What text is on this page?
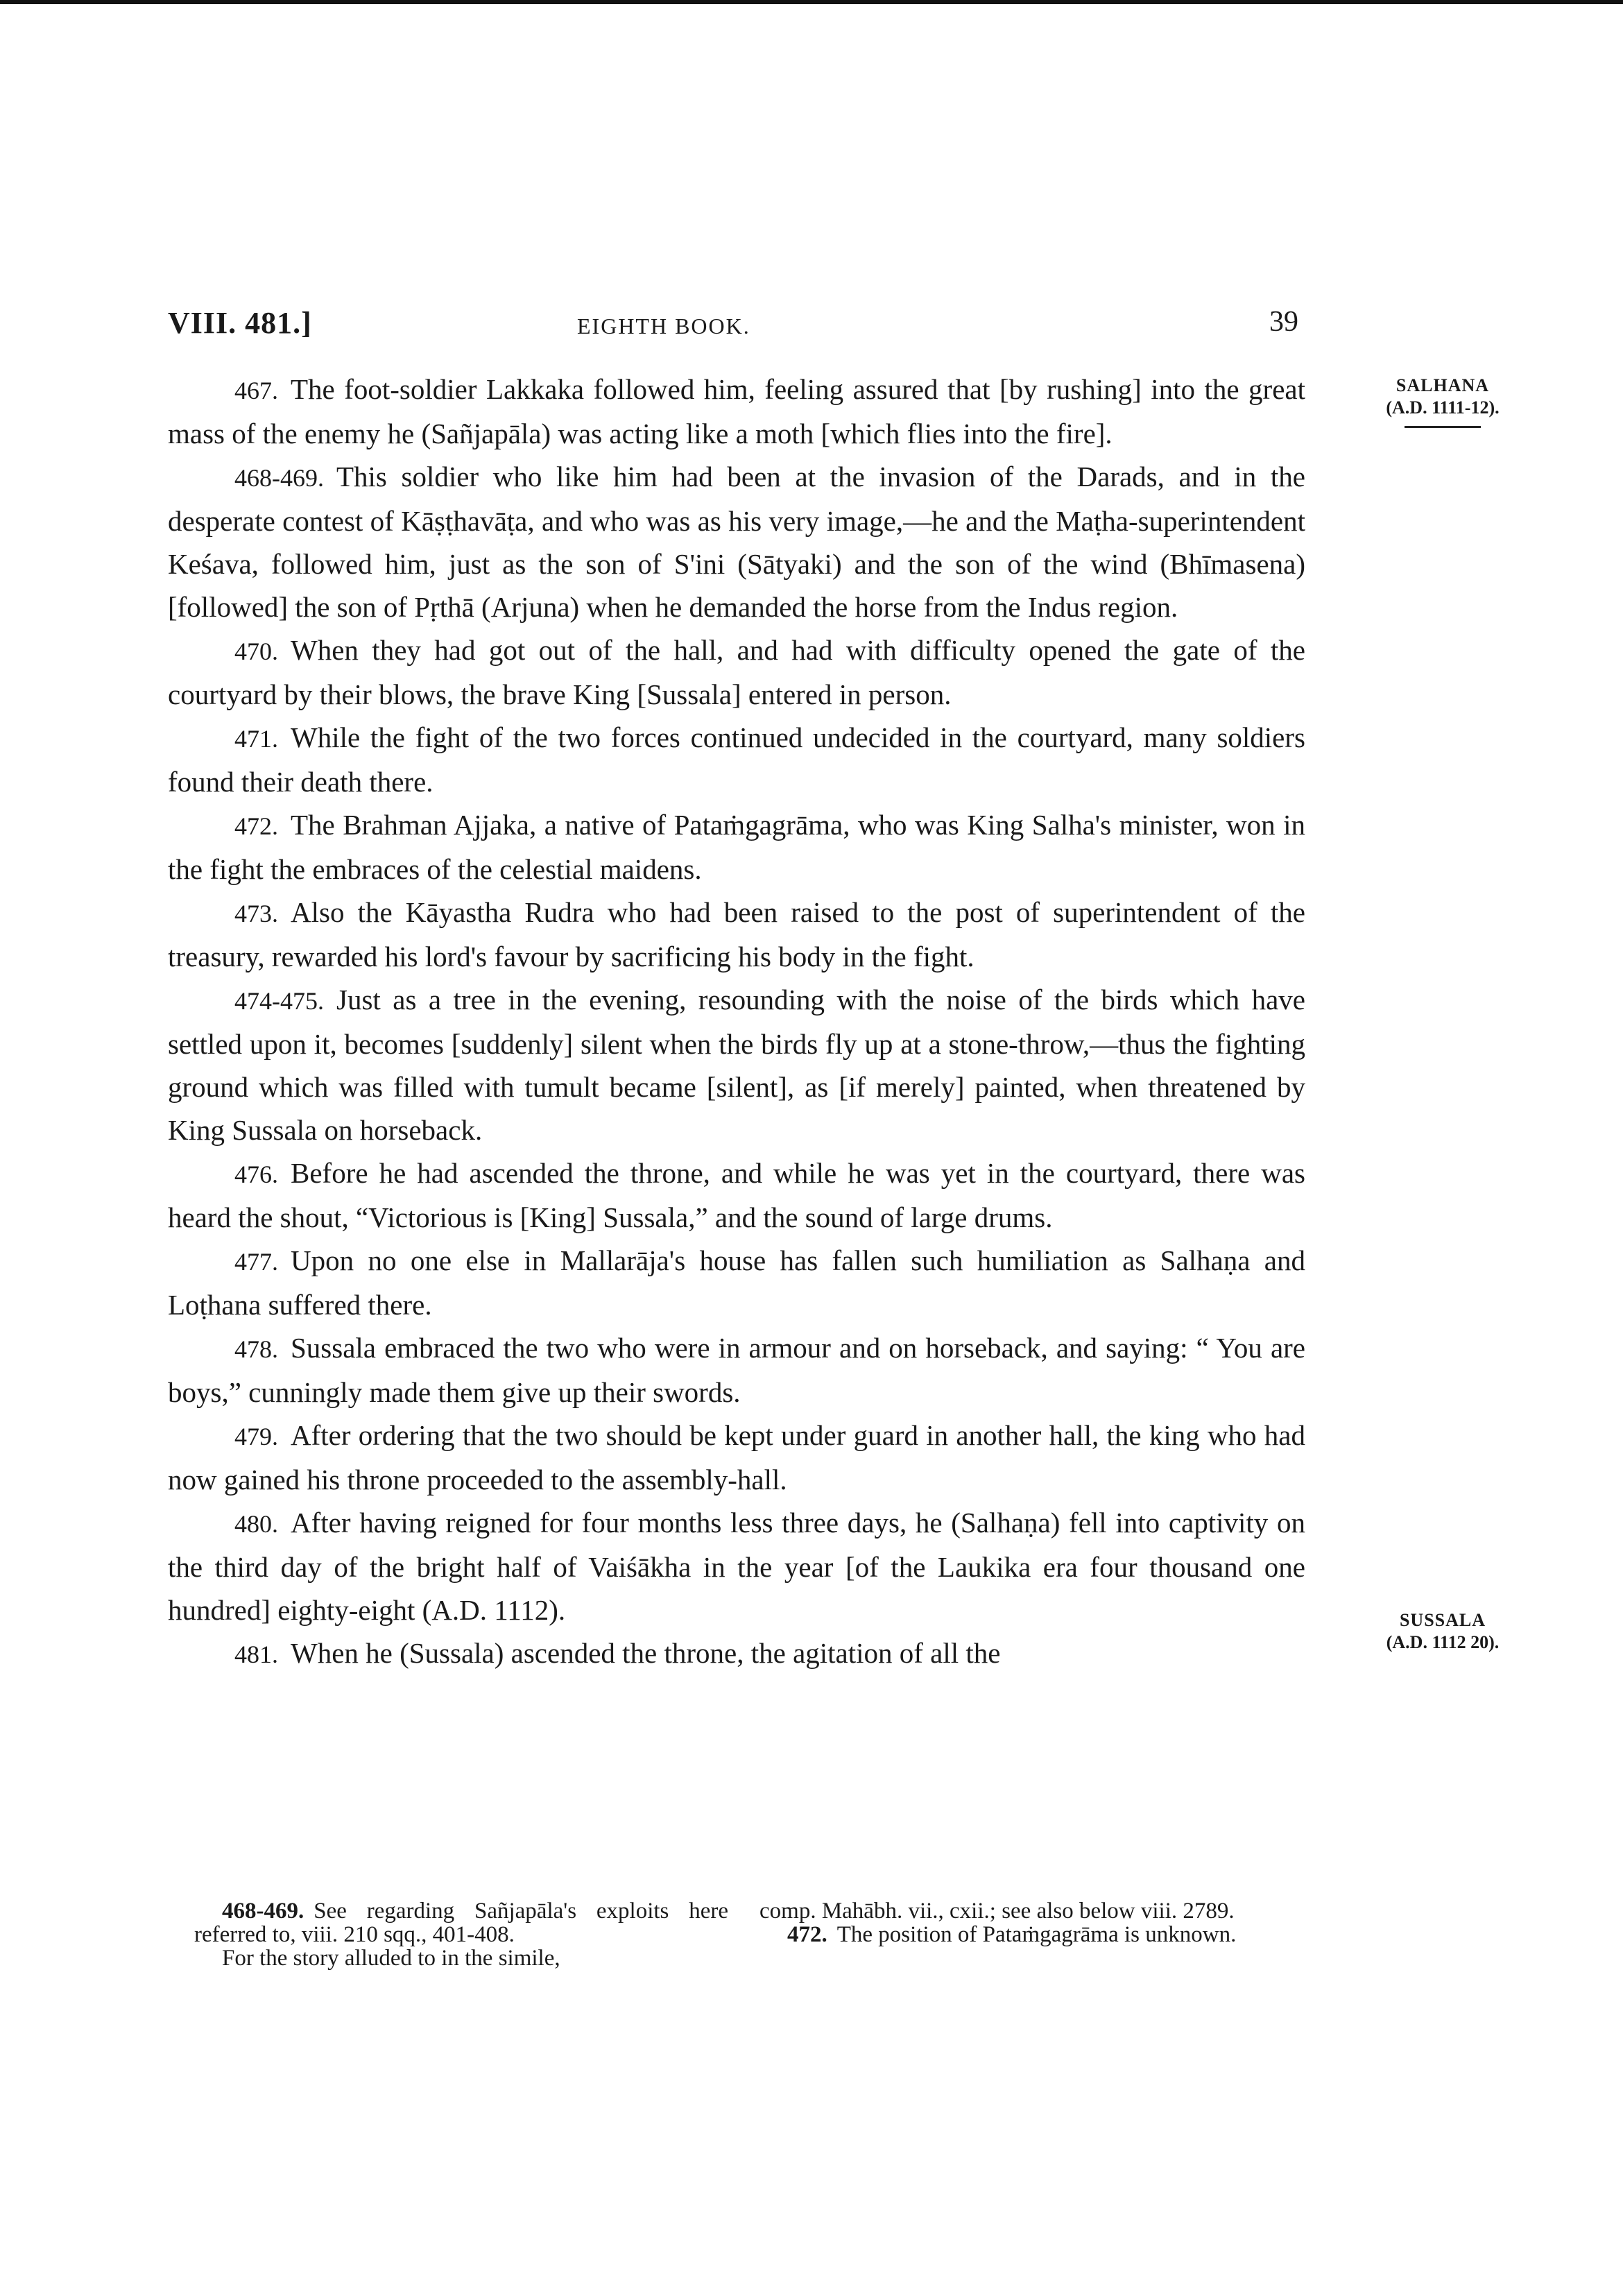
VIII. 481.]	EIGHTH BOOK.	39
SALHANA
(A.D. 1111-12).
SUSSALA
(A.D. 1112 20).

467. The foot-soldier Lakkaka followed him, feeling assured that [by rushing] into the great mass of the enemy he (Sañjapāla) was acting like a moth [which flies into the fire].

468-469. This soldier who like him had been at the invasion of the Darads, and in the desperate contest of Kāṣṭhavāṭa, and who was as his very image,—he and the Maṭha-superintendent Keśava, followed him, just as the son of S'ini (Sātyaki) and the son of the wind (Bhīmasena) [followed] the son of Pṛthā (Arjuna) when he demanded the horse from the Indus region.

470. When they had got out of the hall, and had with difficulty opened the gate of the courtyard by their blows, the brave King [Sussala] entered in person.

471. While the fight of the two forces continued undecided in the courtyard, many soldiers found their death there.

472. The Brahman Ajjaka, a native of Pataṁgagrāma, who was King Salha's minister, won in the fight the embraces of the celestial maidens.

473. Also the Kāyastha Rudra who had been raised to the post of superintendent of the treasury, rewarded his lord's favour by sacrificing his body in the fight.

474-475. Just as a tree in the evening, resounding with the noise of the birds which have settled upon it, becomes [suddenly] silent when the birds fly up at a stone-throw,—thus the fighting ground which was filled with tumult became [silent], as [if merely] painted, when threatened by King Sussala on horseback.

476. Before he had ascended the throne, and while he was yet in the courtyard, there was heard the shout, “Victorious is [King] Sussala,” and the sound of large drums.

477. Upon no one else in Mallarāja's house has fallen such humiliation as Salhaṇa and Loṭhana suffered there.

478. Sussala embraced the two who were in armour and on horseback, and saying: “ You are boys,” cunningly made them give up their swords.

479. After ordering that the two should be kept under guard in another hall, the king who had now gained his throne proceeded to the assembly-hall.

480. After having reigned for four months less three days, he (Salhaṇa) fell into captivity on the third day of the bright half of Vaiśākha in the year [of the Laukika era four thousand one hundred] eighty-eight (A.D. 1112).

481. When he (Sussala) ascended the throne, the agitation of all the

468-469. See regarding Sañjapāla's exploits here referred to, viii. 210 sqq., 401-408.

For the story alluded to in the simile,

comp. Mahābh. vii., cxii.; see also below viii. 2789.

472. The position of Pataṁgagrāma is unknown.
